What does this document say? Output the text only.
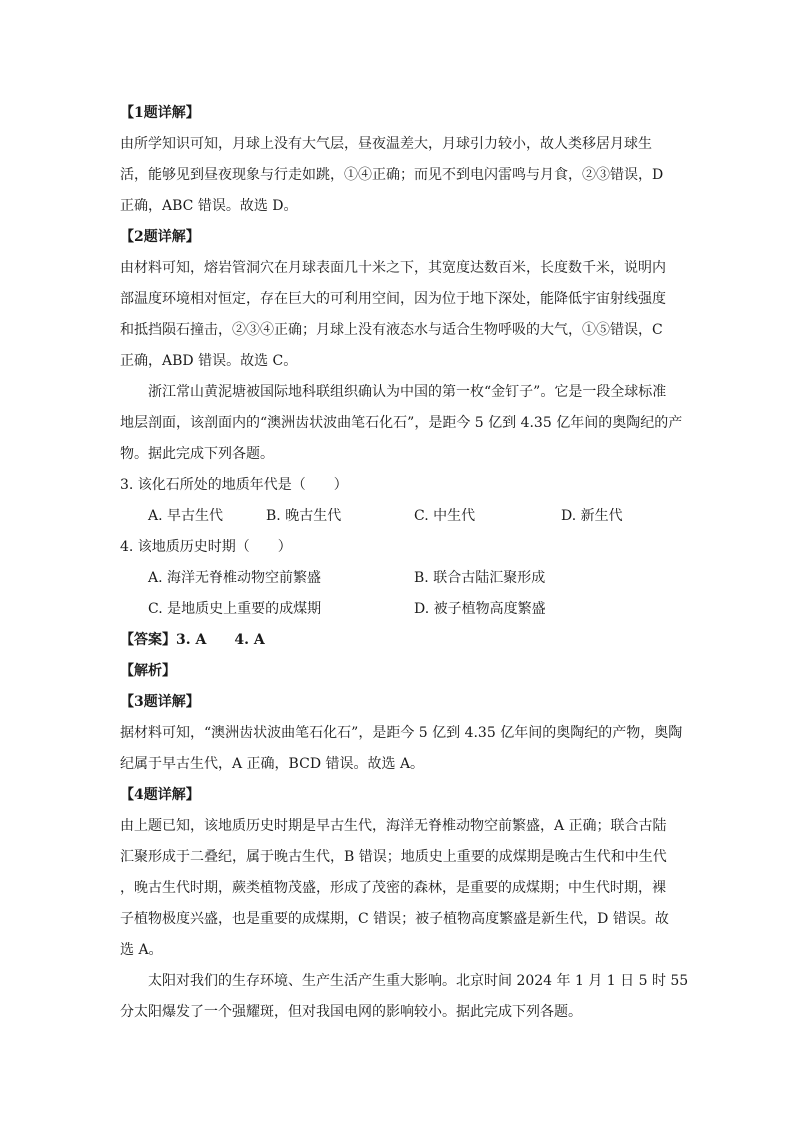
【1题详解】
由所学知识可知，月球上没有大气层，昼夜温差大，月球引力较小，故人类移居月球生
活，能够见到昼夜现象与行走如跳，①④正确；而见不到电闪雷鸣与月食，②③错误，D
正确，ABC 错误。故选 D。
【2题详解】
由材料可知，熔岩管洞穴在月球表面几十米之下，其宽度达数百米，长度数千米，说明内
部温度环境相对恒定，存在巨大的可利用空间，因为位于地下深处，能降低宇宙射线强度
和抵挡陨石撞击，②③④正确；月球上没有液态水与适合生物呼吸的大气，①⑤错误，C
正确，ABD 错误。故选 C。
浙江常山黄泥塘被国际地科联组织确认为中国的第一枚“金钉子”。它是一段全球标准
地层剖面，该剖面内的“澳洲齿状波曲笔石化石”，是距今 5 亿到 4.35 亿年间的奥陶纪的产
物。据此完成下列各题。
3. 该化石所处的地质年代是（　　）
A. 早古生代	B. 晚古生代	C. 中生代	D. 新生代
4. 该地质历史时期（　　）
A. 海洋无脊椎动物空前繁盛	B. 联合古陆汇聚形成
C. 是地质史上重要的成煤期	D. 被子植物高度繁盛
【答案】3. A　　4. A
【解析】
【3题详解】
据材料可知，“澳洲齿状波曲笔石化石”，是距今 5 亿到 4.35 亿年间的奥陶纪的产物，奥陶
纪属于早古生代，A 正确，BCD 错误。故选 A。
【4题详解】
由上题已知，该地质历史时期是早古生代，海洋无脊椎动物空前繁盛，A 正确；联合古陆
汇聚形成于二叠纪，属于晚古生代，B 错误；地质史上重要的成煤期是晚古生代和中生代
，晚古生代时期，蕨类植物茂盛，形成了茂密的森林，是重要的成煤期；中生代时期，裸
子植物极度兴盛，也是重要的成煤期，C 错误；被子植物高度繁盛是新生代，D 错误。故
选 A。
太阳对我们的生存环境、生产生活产生重大影响。北京时间 2024 年 1 月 1 日 5 时 55
分太阳爆发了一个强耀斑，但对我国电网的影响较小。据此完成下列各题。
